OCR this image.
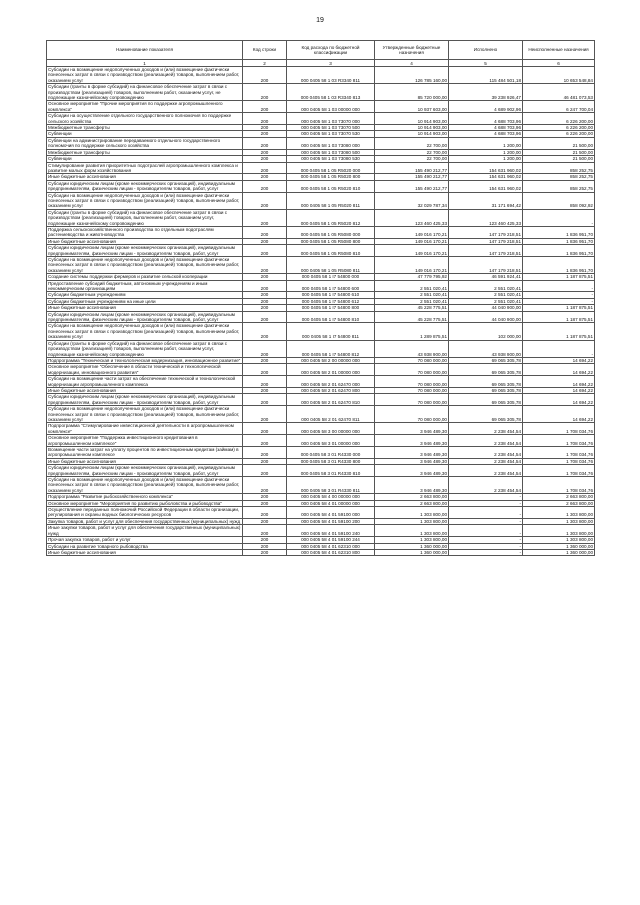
19
Наименование показателя	Код строки	Код расхода по бюджетной классификации	Утвержденные бюджетные назначения	Исполнено	Неисполненные назначения
1	2	3	4	5	6
Субсидии на возмещение недополученных доходов и (или) возмещение фактически понесенных затрат в связи с производством (реализацией) товаров, выполнением работ, оказанием услуг	200	000 0405 58 1 03 R3340 811	126 785 160,00	115 484 501,18	10 653 548,84
Субсидии (гранты в форме субсидий) на финансовое обеспечение затрат в связи с производством (реализацией) товаров, выполнением работ, оказанием услуг, не подлежащие казначейскому сопровождению	200	000 0405 58 1 03 R3340 813	85 720 000,00	39 238 926,47	46 481 073,53
Основное мероприятие "Прочие мероприятия по поддержке агропромышленного комплекса"	200	000 0405 58 1 03 00000 000	10 937 603,00	4 689 902,96	6 247 700,04
Субсидии на осуществление отдельного государственного полномочия по поддержке сельского хозяйства	200	000 0405 58 1 03 73070 000	10 914 903,00	4 688 703,96	6 226 200,00
Межбюджетные трансферты	200	000 0405 58 1 03 73070 500	10 914 903,00	4 688 703,96	6 226 200,00
Субвенции	200	000 0405 58 1 03 73070 530	10 914 903,00	4 688 703,96	6 226 200,00
Субвенции на администрирование передаваемого отдельного государственного полномочия по поддержке сельского хозяйства	200	000 0405 58 1 03 73080 000	22 700,00	1 200,00	21 500,00
Межбюджетные трансферты	200	000 0405 58 1 03 73080 500	22 700,00	1 200,00	21 500,00
Субвенции	200	000 0405 58 1 03 73080 530	22 700,00	1 200,00	21 500,00
Стимулирование развития приоритетных подотраслей агропромышленного комплекса и развитие малых форм хозяйствования	200	000 0405 58 1 05 R5020 000	155 490 212,77	154 631 960,02	858 252,75
Иные бюджетные ассигнования	200	000 0405 58 1 05 R5020 800	155 490 212,77	154 631 960,02	858 252,75
Субсидии юридическим лицам (кроме некоммерческих организаций), индивидуальным предпринимателям, физическим лицам - производителям товаров, работ, услуг	200	000 0405 58 1 05 R5020 810	155 490 212,77	154 631 960,02	858 252,75
Субсидии на возмещение недополученных доходов и (или) возмещение фактически понесенных затрат в связи с производством (реализацией) товаров, выполнением работ, оказанием услуг	200	000 0405 58 1 05 R5020 811	32 029 787,34	31 171 694,42	858 092,92
Субсидии (гранты в форме субсидий) на финансовое обеспечение затрат в связи с производством (реализацией) товаров, выполнением работ, оказанием услуг, подлежащие казначейскому сопровождению	200	000 0405 58 1 05 R5020 812	123 460 425,33	123 460 425,33	-
Поддержка сельскохозяйственного производства по отдельным подотраслям растениеводства и животноводства	200	000 0405 58 1 05 R5080 000	149 016 170,21	147 179 218,51	1 836 951,70
Иные бюджетные ассигнования	200	000 0405 58 1 05 R5080 800	149 016 170,21	147 179 218,51	1 836 951,70
Субсидии юридическим лицам (кроме некоммерческих организаций), индивидуальным предпринимателям, физическим лицам - производителям товаров, работ, услуг	200	000 0405 58 1 05 R5080 810	149 016 170,21	147 179 218,51	1 836 951,70
Субсидии на возмещение недополученных доходов и (или) возмещение фактически понесенных затрат в связи с производством (реализацией) товаров, выполнением работ, оказанием услуг	200	000 0405 58 1 05 R5080 811	149 016 170,21	147 179 218,51	1 836 951,70
Создание системы поддержки фермеров и развитие сельской кооперации	200	000 0405 58 1 I7 54800 000	47 779 795,92	46 591 924,41	1 187 875,51
Предоставление субсидий бюджетным, автономным учреждениям и иным некоммерческим организациям	200	000 0405 58 1 I7 54800 600	2 551 020,41	2 551 020,41	-
Субсидии бюджетным учреждениям	200	000 0405 58 1 I7 54800 610	2 551 020,41	2 551 020,41	-
Субсидии бюджетным учреждениям на иные цели	200	000 0405 58 1 I7 54800 612	2 551 020,41	2 551 020,41	-
Иные бюджетные ассигнования	200	000 0405 58 1 I7 54800 800	45 228 775,51	44 040 900,00	1 187 875,51
Субсидии юридическим лицам (кроме некоммерческих организаций), индивидуальным предпринимателям, физическим лицам - производителям товаров, работ, услуг	200	000 0405 58 1 I7 54800 810	45 228 775,51	44 040 900,00	1 187 875,51
Субсидии на возмещение недополученных доходов и (или) возмещение фактически понесенных затрат в связи с производством (реализацией) товаров, выполнением работ, оказанием услуг	200	000 0405 58 1 I7 54800 811	1 289 875,51	102 000,00	1 187 875,51
Субсидии (гранты в форме субсидий) на финансовое обеспечение затрат в связи с производством (реализацией) товаров, выполнением работ, оказанием услуг, подлежащие казначейскому сопровождению	200	000 0405 58 1 I7 54800 812	43 938 900,00	43 938 900,00	-
Подпрограмма "Техническая и технологическая модернизация, инновационное развитие"	200	000 0405 58 2 00 00000 000	70 080 000,00	69 065 305,78	14 694,22
Основное мероприятие "Обеспечение в области технической и технологической модернизации, инновационного развития"	200	000 0405 58 2 01 00000 000	70 080 000,00	69 065 305,78	14 694,22
Субсидии на возмещение части затрат на обеспечение технической и технологической модернизации агропромышленного комплекса	200	000 0405 58 2 01 62470 000	70 080 000,00	69 065 305,78	14 694,22
Иные бюджетные ассигнования	200	000 0405 58 2 01 62470 800	70 080 000,00	69 065 305,78	14 694,22
Субсидии юридическим лицам (кроме некоммерческих организаций), индивидуальным предпринимателям, физическим лицам - производителям товаров, работ, услуг	200	000 0405 58 2 01 62470 810	70 080 000,00	69 065 305,78	14 694,22
Субсидии на возмещение недополученных доходов и (или) возмещение фактически понесенных затрат в связи с производством (реализацией) товаров, выполнением работ, оказанием услуг	200	000 0405 58 2 01 62470 811	70 080 000,00	69 065 305,78	14 694,22
Подпрограмма "Стимулирование инвестиционной деятельности в агропромышленном комплексе"	200	000 0405 58 3 00 00000 000	3 946 489,30	2 238 454,54	1 708 034,76
Основное мероприятие "Поддержка инвестиционного кредитования в агропромышленном комплексе"	200	000 0405 58 3 01 00000 000	3 946 489,30	2 238 454,54	1 708 034,76
Возмещение части затрат на уплату процентов по инвестиционным кредитам (займам) в агропромышленном комплексе	200	000 0405 58 3 01 R4330 000	3 946 489,30	2 238 454,54	1 708 034,76
Иные бюджетные ассигнования	200	000 0405 58 3 01 R4330 800	3 946 489,30	2 238 454,54	1 708 034,76
Субсидии юридическим лицам (кроме некоммерческих организаций), индивидуальным предпринимателям, физическим лицам - производителям товаров, работ, услуг	200	000 0405 58 3 01 R4330 810	3 946 489,30	2 238 454,54	1 708 034,76
Субсидии на возмещение недополученных доходов и (или) возмещение фактически понесенных затрат в связи с производством (реализацией) товаров, выполнением работ, оказанием услуг	200	000 0405 58 3 01 R4330 811	3 946 489,30	2 238 454,54	1 708 034,76
Подпрограмма "Развитие рыбохозяйственного комплекса"	200	000 0405 58 4 00 00000 000	2 663 800,00	-	2 663 800,00
Основное мероприятие "Мероприятия по развитию рыболовства и рыбоводства"	200	000 0405 58 4 01 00000 000	2 663 800,00	-	2 663 800,00
Осуществление переданных полномочий Российской Федерации в области организации, регулирования и охраны водных биологических ресурсов	200	000 0405 58 4 01 59100 000	1 303 800,00	-	1 303 800,00
Закупка товаров, работ и услуг для обеспечения государственных (муниципальных) нужд	200	000 0405 58 4 01 59100 200	1 303 800,00	-	1 303 800,00
Иные закупки товаров, работ и услуг для обеспечения государственных (муниципальных) нужд	200	000 0405 58 4 01 59100 240	1 303 800,00	-	1 303 800,00
Прочая закупка товаров, работ и услуг	200	000 0405 58 4 01 59100 244	1 303 800,00	-	1 303 800,00
Субсидии на развитие товарного рыбоводства	200	000 0405 58 4 01 62310 000	1 360 000,00	-	1 360 000,00
Иные бюджетные ассигнования	200	000 0405 58 4 01 62310 800	1 360 000,00	-	1 360 000,00
